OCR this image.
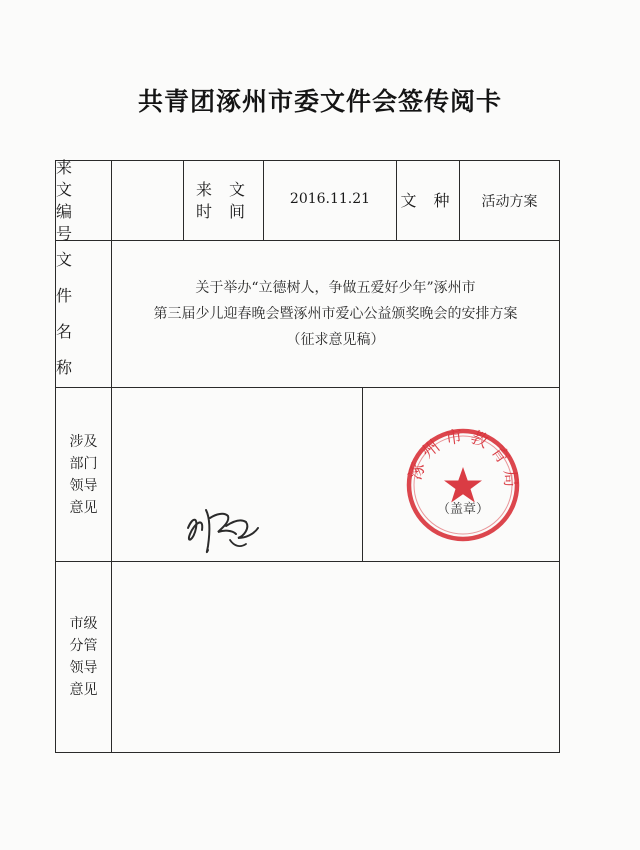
共青团涿州市委文件会签传阅卡
来 文
编 号
来 文
时 间
2016.11.21	文 种	活动方案
文 件
名 称
关于举办“立德树人，争做五爱好少年”涿州市
第三届少儿迎春晚会暨涿州市爱心公益颁奖晚会的安排方案
（征求意见稿）
涉及
部门
领导
意见
市级
分管
领导
意见
涿州市教育局
（盖章）
